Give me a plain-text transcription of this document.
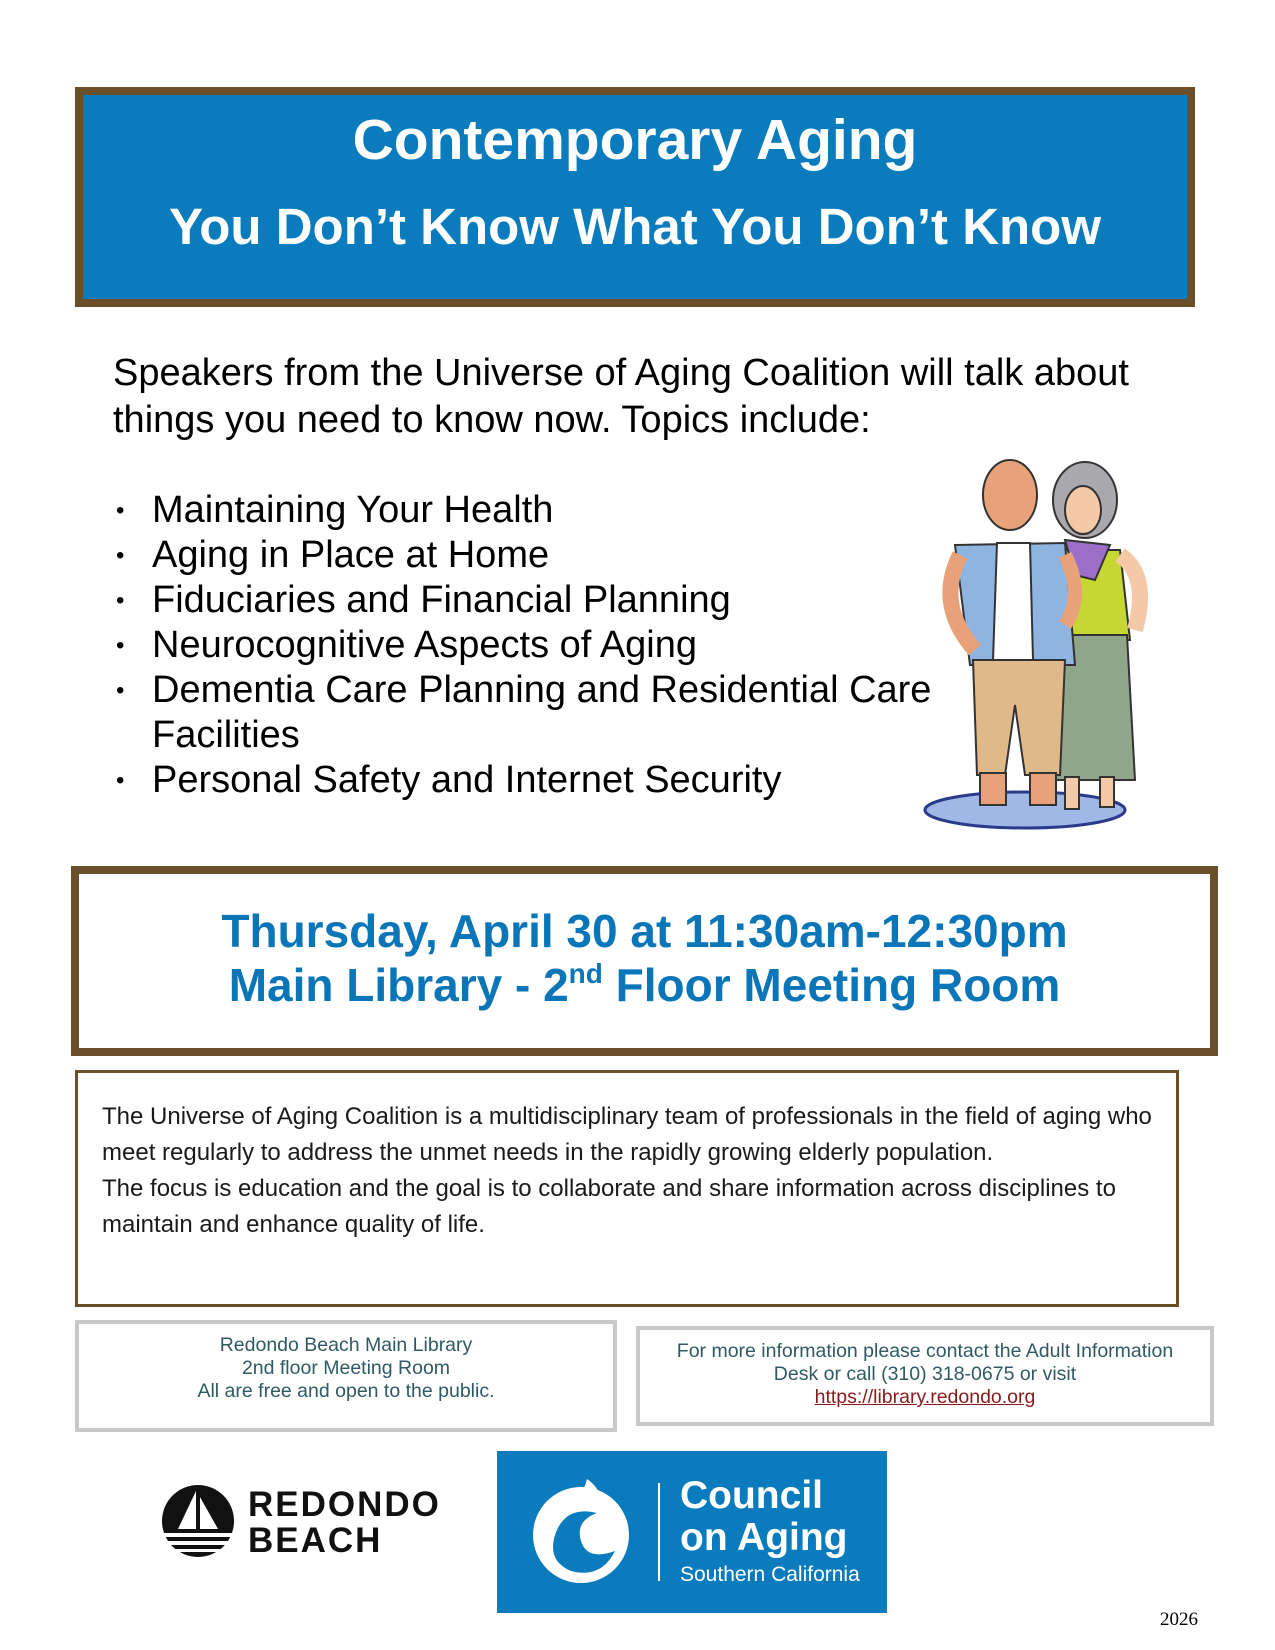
Contemporary Aging
You Don’t Know What You Don’t Know
Speakers from the Universe of Aging Coalition will talk about things you need to know now. Topics include:
• Maintaining Your Health
• Aging in Place at Home
• Fiduciaries and Financial Planning
• Neurocognitive Aspects of Aging
• Dementia Care Planning and Residential Care Facilities
• Personal Safety and Internet Security
Thursday, April 30 at 11:30am-12:30pm
Main Library - 2nd Floor Meeting Room
The Universe of Aging Coalition is a multidisciplinary team of professionals in the field of aging who meet regularly to address the unmet needs in the rapidly growing elderly population.
The focus is education and the goal is to collaborate and share information across disciplines to maintain and enhance quality of life.
Redondo Beach Main Library
2nd floor Meeting Room
All are free and open to the public.
For more information please contact the Adult Information
Desk or call (310) 318-0675 or visit
https://library.redondo.org
REDONDO
BEACH
Council
on Aging
Southern California
2026
